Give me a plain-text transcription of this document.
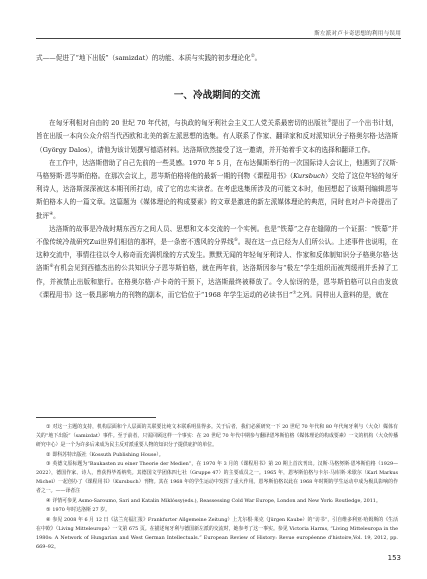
斯左派对卢卡奇思想的利用与误用

式——促进了“地下出版”（samizdat）的功能、本质与实践的初步理论化②。

一、冷战期间的交流

在匈牙利相对自由的 20 世纪 70 年代初，与执政的匈牙利社会主义工人党关系最密切的出版社③提出了一个出书计划，旨在出版一本向公众介绍当代西欧和北美的新左派思想的选集。有人联系了作家、翻译家和反对派知识分子格奥尔格·达洛斯（György Dalos），请他为该计划撰写德语材料。达洛斯欣然接受了这一邀请，并开始着手文本的选择和翻译工作。

在工作中，达洛斯借助了自己先前的一些灵感。1970 年 5 月，在布达佩斯举行的一次国际诗人会议上，他遇到了汉斯·马格努斯·恩岑斯伯格。在那次会议上，恩岑斯伯格将他的最新一期的刊物《课程用书》（Kursbuch）交给了这位年轻的匈牙利诗人，达洛斯深深被这本期刊所打动，成了它的忠实读者。在考虑选集所涉及的可能文本时，他回想起了该期刊编辑恩岑斯伯格本人的一篇文章。这篇题为《媒体理论的构成要素》的文章是激进的新左派媒体理论的典范，同时也对卢卡奇提出了批评④。

达洛斯的故事是冷战时期东西方之间人员、思想和文本交流的一个实例。也是“铁幕”之存在缝隙的一个证据：“铁幕”并不像传统冷战研究Zui世界们相信的那样，是一条密不透风的分界线⑤。现在这一点已经为人们所公认。上述事件也说明，在这种交流中，事情往往以令人称奇而充满机缘的方式发生。默默无闻的年轻匈牙利诗人、作家和反体制知识分子格奥尔格·达洛斯⑥有机会见到西德杰出的公共知识分子恩岑斯伯格，就在两年前，达洛斯因参与“极左”学生组织而被判缓刑并丢掉了工作，并被禁止出版和旅行。在格奥尔格·卢卡奇的干预下，达洛斯最终被释放了。令人惊讶的是，恩岑斯伯格可以自由发放《课程用书》这一极具影响力的刊物的副本，而它恰位于“1968 年学生运动的必读书目”⑦之列。同样出人意料的是，就在

① 对这一主题的支持，机构层面和个人层面的关联要比纯文本联系明显得多。关于后者，我们必须研究一下 20 世纪 70 年代和 80 年代匈牙利与（大众）媒体有关的“地下出版”（samizdat）事件。至于前者，只需回顾这样一个事实：在 20 世纪 70 年代中期参与翻译恩岑斯伯格《媒体理论的构成要素》一文的机构（大众传播研究中心）是一个为许多后来成为民主反对派重要人物的知识分子提供庇护的单位。

② 即科苏特出版社（Kossuth Publishing House）。

③ 英德文原标题为“Baukasten zu einer Theorie der Medien”，在 1970 年 3 月的《课程用书》第 20 期上首次刊出。汉斯·马格努斯·恩岑斯伯格（1929—2022），德国作家、诗人，曾获得毕希纳奖。其德国文学团体四七社（Gruppe 47）的主要成员之一。1965 年，恩岑斯伯格与卡尔·马库斯·米歇尔（Karl Markus Michel）一起创办了《课程用书》（Kursbuch）刊物。其在 1968 年的学生运动中发挥了重大作用。恩岑斯伯格以此在 1968 年时期的学生运动中成为极具影响的作者之一。——译者注

④ 详情可参见 Asmo-Saroumo, Sari and Katalin Miklóssy(eds.), Reassessing Cold War Europe, London and New York: Routledge, 2011。

⑤ 1970 年时达洛斯 27 岁。

⑥ 参见 2008 年 6 月 12 日《法兰克福汇报》Frankfurter Allgemeine Zeitung）上尤尔根·莱克（Jürgen Kaube）的“访书”，引自维多利亚·哈姆斯的《生活在中欧》（Living Mitteleuropa）一文第 675 页。在描述匈牙利与德国新左派的交流时，她参考了这一事实。参见 Victoria Harms, “Living Mitteleuropa in the 1980s: A Network of Hungarian and West German Intellectuals.” European Review of History: Revue européenne d'histoire,Vol. 19, 2012, pp. 669–92。

153
